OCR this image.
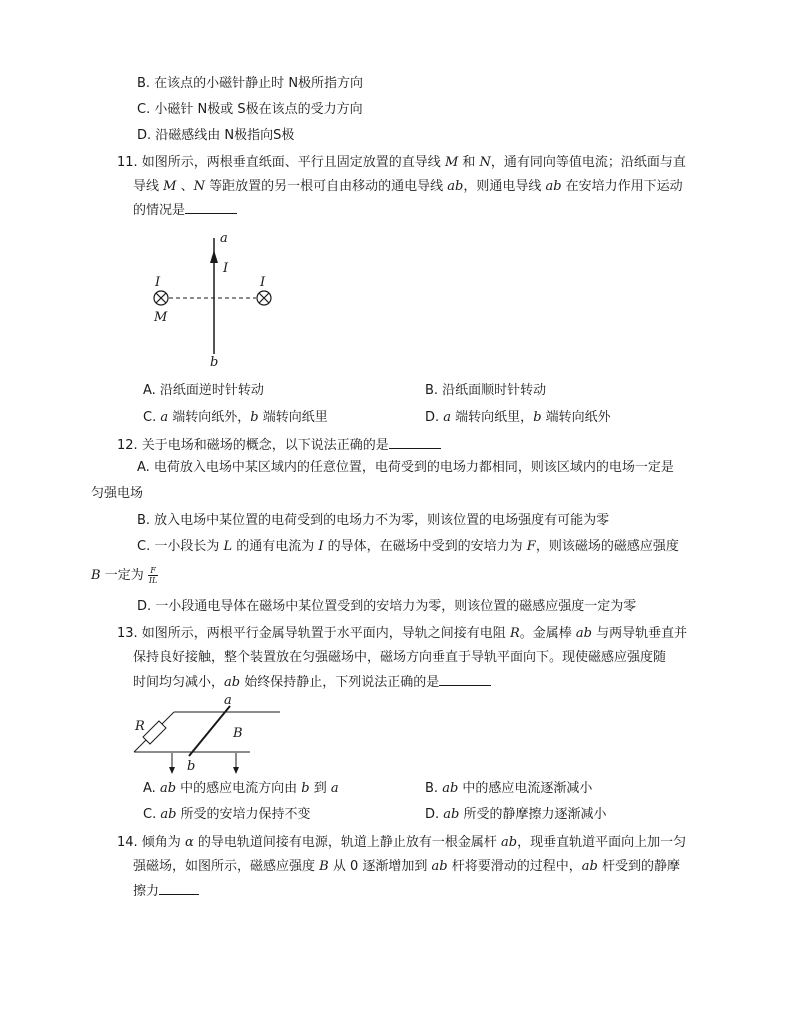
B. 在该点的小磁针静止时 N极所指方向
C. 小磁针 N极或 S极在该点的受力方向
D. 沿磁感线由 N极指向S极
11. 如图所示，两根垂直纸面、平行且固定放置的直导线 M 和 N，通有同向等值电流；沿纸面与直
导线 M 、N 等距放置的另一根可自由移动的通电导线 ab，则通电导线 ab 在安培力作用下运动
的情况是
a
I
I	I
M
b
A. 沿纸面逆时针转动	B. 沿纸面顺时针转动
C. a 端转向纸外，b 端转向纸里	D. a 端转向纸里，b 端转向纸外
12. 关于电场和磁场的概念，以下说法正确的是
A. 电荷放入电场中某区域内的任意位置，电荷受到的电场力都相同，则该区域内的电场一定是
匀强电场
B. 放入电场中某位置的电荷受到的电场力不为零，则该位置的电场强度有可能为零
C. 一小段长为 L 的通有电流为 I 的导体，在磁场中受到的安培力为 F，则该磁场的磁感应强度
B 一定为 $\frac{F}{IL}$
D. 一小段通电导体在磁场中某位置受到的安培力为零，则该位置的磁感应强度一定为零
13. 如图所示，两根平行金属导轨置于水平面内，导轨之间接有电阻 R。金属棒 ab 与两导轨垂直并
保持良好接触，整个装置放在匀强磁场中，磁场方向垂直于导轨平面向下。现使磁感应强度随
时间均匀减小，ab 始终保持静止，下列说法正确的是
R
a
B
b
A. ab 中的感应电流方向由 b 到 a	B. ab 中的感应电流逐渐减小
C. ab 所受的安培力保持不变	D. ab 所受的静摩擦力逐渐减小
14. 倾角为 α 的导电轨道间接有电源，轨道上静止放有一根金属杆 ab，现垂直轨道平面向上加一匀
强磁场，如图所示，磁感应强度 B 从 0 逐渐增加到 ab 杆将要滑动的过程中，ab 杆受到的静摩
擦力
